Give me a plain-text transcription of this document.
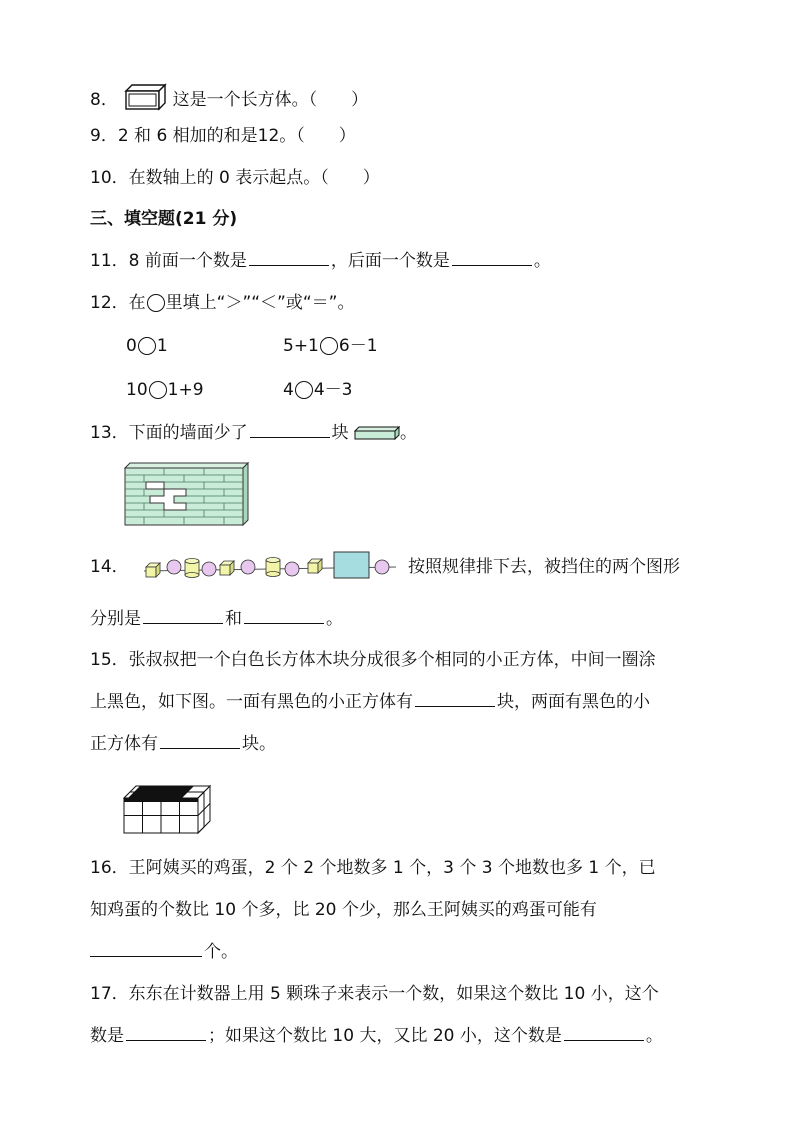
8．	这是一个长方体。（　　）
9．2 和 6 相加的和是12。（　　）
10．在数轴上的 0 表示起点。（　　）
三、填空题(21 分)
11．8 前面一个数是	，后面一个数是	。
12．在 里填上“＞”“＜”或“＝”。
0 1	5+1 6－1
10 1+9	4 4－3
13．下面的墙面少了	块	。
14．	按照规律排下去，被挡住的两个图形
分别是	和	。
15．张叔叔把一个白色长方体木块分成很多个相同的小正方体，中间一圈涂
上黑色，如下图。一面有黑色的小正方体有	块，两面有黑色的小
正方体有	块。
16．王阿姨买的鸡蛋，2 个 2 个地数多 1 个，3 个 3 个地数也多 1 个，已
知鸡蛋的个数比 10 个多，比 20 个少，那么王阿姨买的鸡蛋可能有
个。
17．东东在计数器上用 5 颗珠子来表示一个数，如果这个数比 10 小，这个
数是	；如果这个数比 10 大，又比 20 小，这个数是	。
